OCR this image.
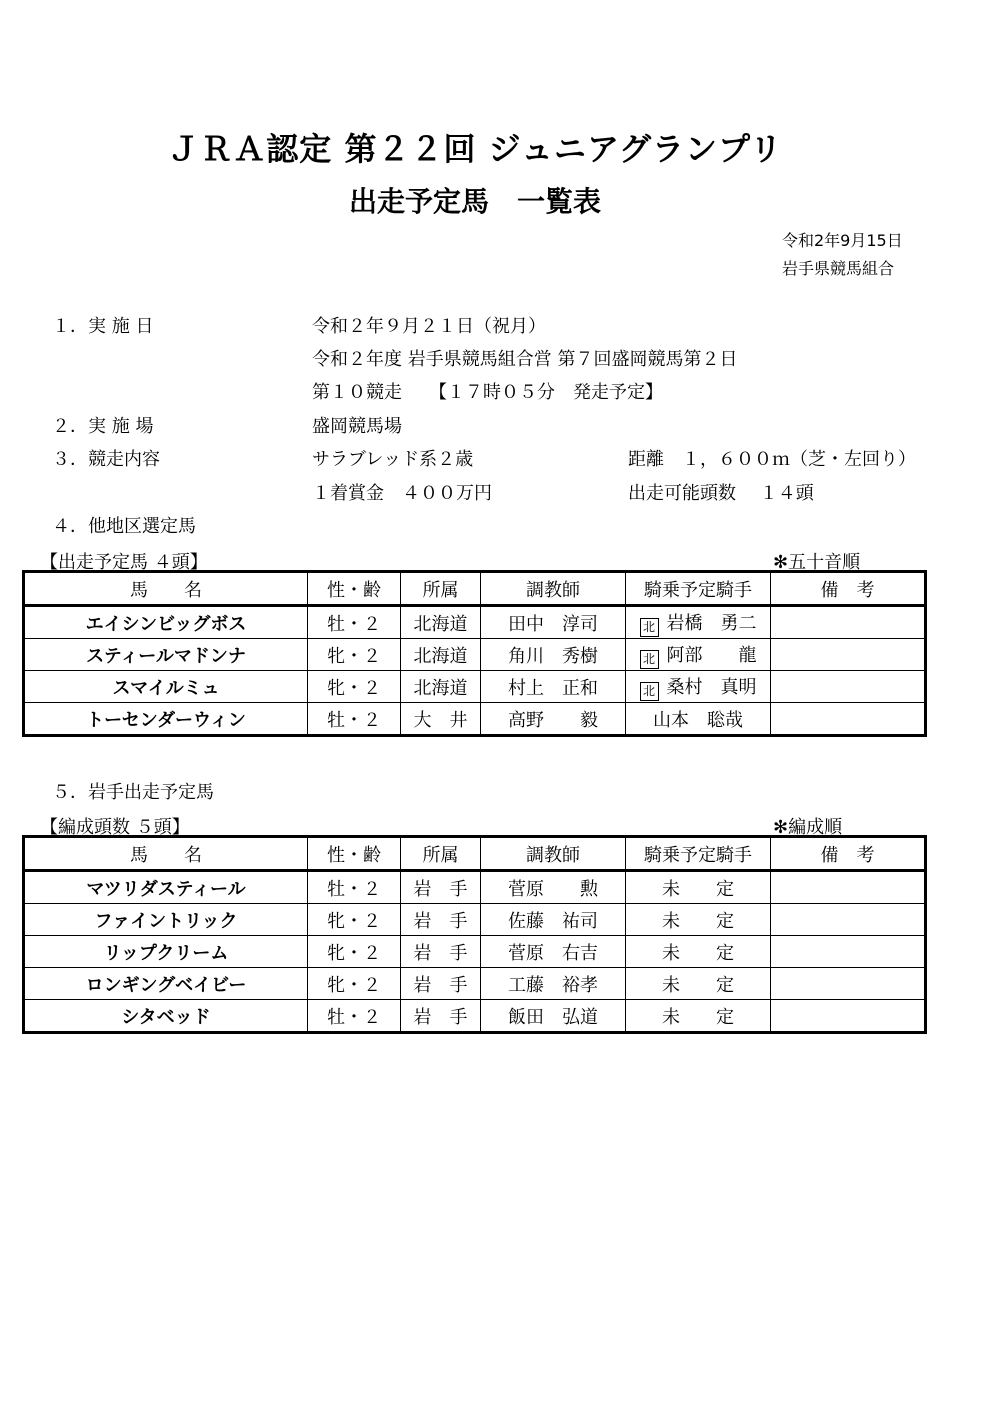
ＪＲＡ認定 第２２回 ジュニアグランプリ
出走予定馬　一覧表
令和2年9月15日
岩手県競馬組合
１．実 施 日	令和２年９月２１日（祝月）
令和２年度 岩手県競馬組合営 第７回盛岡競馬第２日
第１０競走　　【１７時０５分　発走予定】
２．実 施 場	盛岡競馬場
３．競走内容	サラブレッド系２歳	距離　１，６００ｍ（芝・左回り）
１着賞金　４００万円	出走可能頭数　 １４頭
４．他地区選定馬
【出走予定馬 ４頭】	✻五十音順
馬　　名	性・齢	所属	調教師	騎乗予定騎手	備　考
エイシンビッグボス	牡・２	北海道	田中　淳司	北 岩橋　勇二	
スティールマドンナ	牝・２	北海道	角川　秀樹	北 阿部　　龍	
スマイルミュ	牝・２	北海道	村上　正和	北 桑村　真明	
トーセンダーウィン	牡・２	大　井	高野　　毅	山本　聡哉	
５．岩手出走予定馬
【編成頭数 ５頭】	✻編成順
馬　　名	性・齢	所属	調教師	騎乗予定騎手	備　考
マツリダスティール	牡・２	岩　手	菅原　　勲	未　　定	
ファイントリック	牝・２	岩　手	佐藤　祐司	未　　定	
リップクリーム	牝・２	岩　手	菅原　右吉	未　　定	
ロンギングベイビー	牝・２	岩　手	工藤　裕孝	未　　定	
シタベッド	牡・２	岩　手	飯田　弘道	未　　定	
